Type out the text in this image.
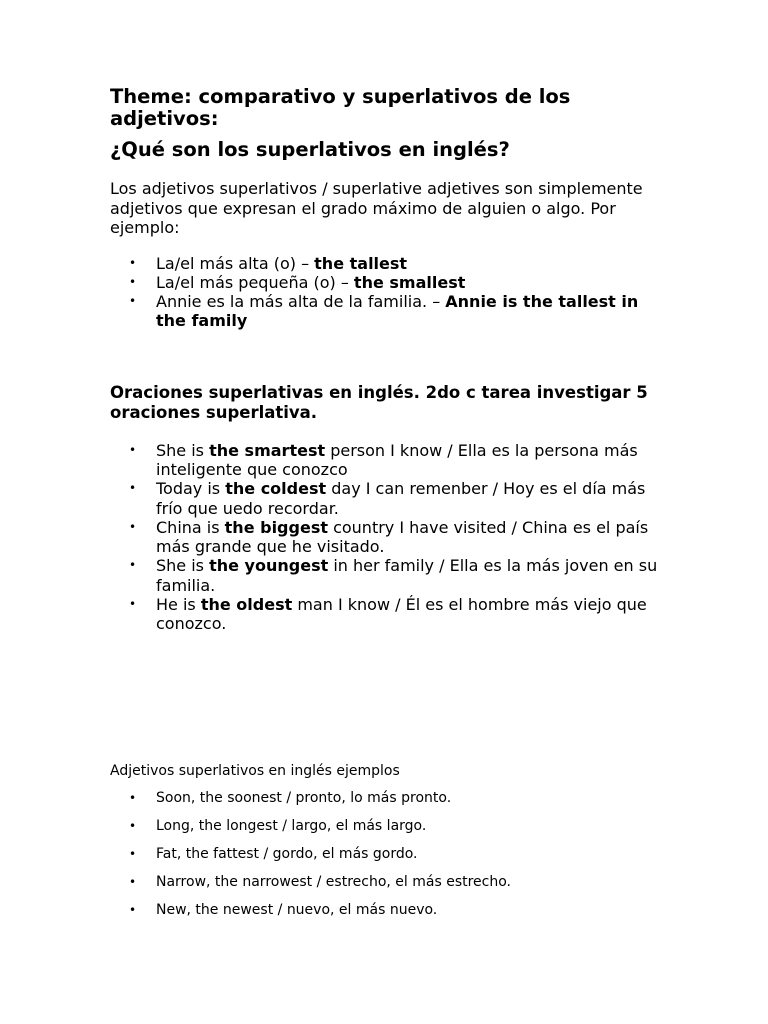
Theme: comparativo y superlativos de los adjetivos:
¿Qué son los superlativos en inglés?

Los adjetivos superlativos / superlative adjetives son simplemente adjetivos que expresan el grado máximo de alguien o algo. Por ejemplo:

• La/el más alta (o) – the tallest
• La/el más pequeña (o) – the smallest
• Annie es la más alta de la familia. – Annie is the tallest in the family
Oraciones superlativas en inglés. 2do c tarea investigar 5 oraciones superlativa.
• She is the smartest person I know / Ella es la persona más inteligente que conozco
• Today is the coldest day I can remenber / Hoy es el día más frío que uedo recordar.
• China is the biggest country I have visited / China es el país más grande que he visitado.
• She is the youngest in her family / Ella es la más joven en su familia.
• He is the oldest man I know / Él es el hombre más viejo que conozco.

Adjetivos superlativos en inglés ejemplos

• Soon, the soonest / pronto, lo más pronto.
• Long, the longest / largo, el más largo.
• Fat, the fattest / gordo, el más gordo.
• Narrow, the narrowest / estrecho, el más estrecho.
• New, the newest / nuevo, el más nuevo.
